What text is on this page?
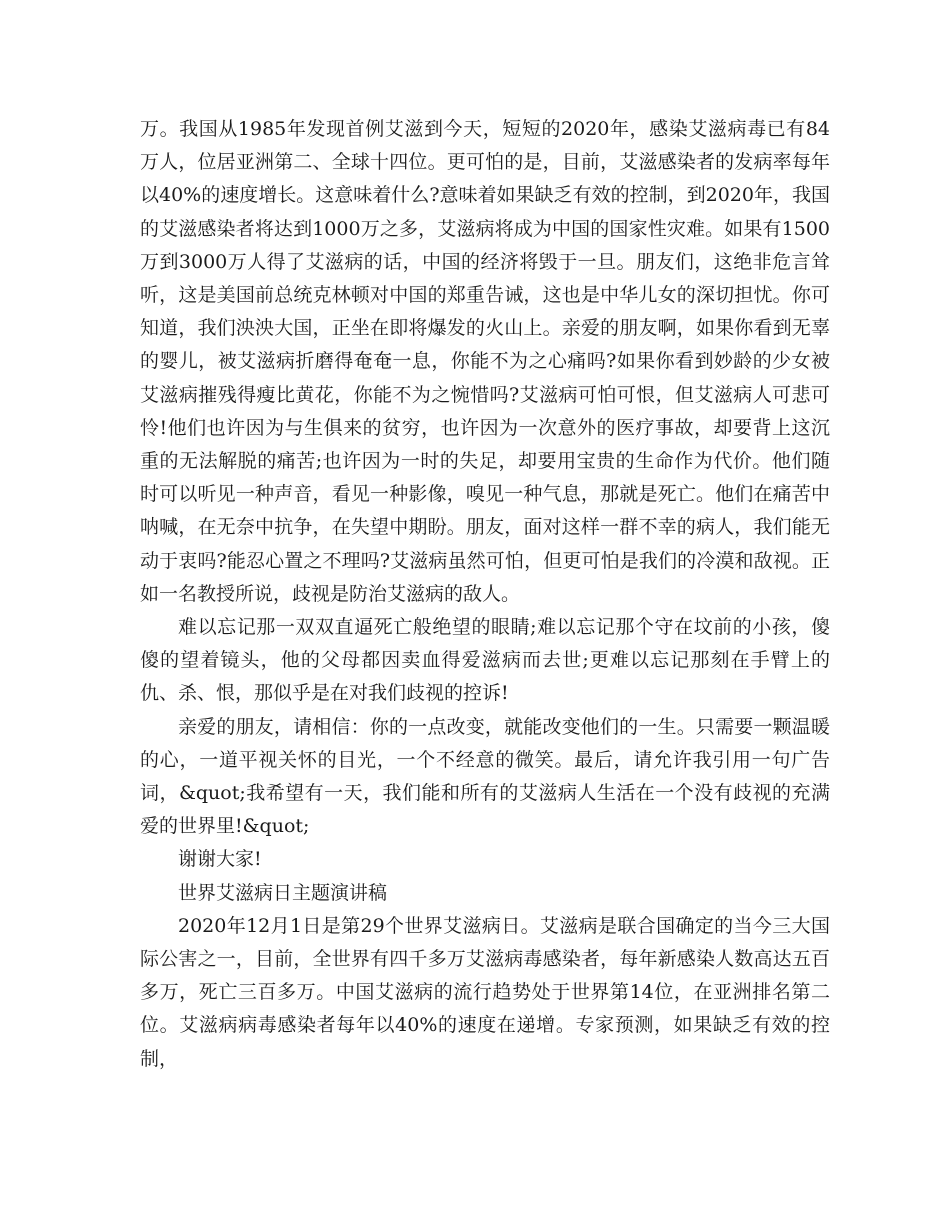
万。我国从1985年发现首例艾滋到今天，短短的2020年，感染艾滋病毒已有84万人，位居亚洲第二、全球十四位。更可怕的是，目前，艾滋感染者的发病率每年以40%的速度增长。这意味着什么?意味着如果缺乏有效的控制，到2020年，我国的艾滋感染者将达到1000万之多，艾滋病将成为中国的国家性灾难。如果有1500万到3000万人得了艾滋病的话，中国的经济将毁于一旦。朋友们，这绝非危言耸听，这是美国前总统克林顿对中国的郑重告诫，这也是中华儿女的深切担忧。你可知道，我们泱泱大国，正坐在即将爆发的火山上。亲爱的朋友啊，如果你看到无辜的婴儿，被艾滋病折磨得奄奄一息，你能不为之心痛吗?如果你看到妙龄的少女被艾滋病摧残得瘦比黄花，你能不为之惋惜吗?艾滋病可怕可恨，但艾滋病人可悲可怜!他们也许因为与生俱来的贫穷，也许因为一次意外的医疗事故，却要背上这沉重的无法解脱的痛苦;也许因为一时的失足，却要用宝贵的生命作为代价。他们随时可以听见一种声音，看见一种影像，嗅见一种气息，那就是死亡。他们在痛苦中呐喊，在无奈中抗争，在失望中期盼。朋友，面对这样一群不幸的病人，我们能无动于衷吗?能忍心置之不理吗?艾滋病虽然可怕，但更可怕是我们的冷漠和敌视。正如一名教授所说，歧视是防治艾滋病的敌人。

难以忘记那一双双直逼死亡般绝望的眼睛;难以忘记那个守在坟前的小孩，傻傻的望着镜头，他的父母都因卖血得爱滋病而去世;更难以忘记那刻在手臂上的仇、杀、恨，那似乎是在对我们歧视的控诉!

亲爱的朋友，请相信：你的一点改变，就能改变他们的一生。只需要一颗温暖的心，一道平视关怀的目光，一个不经意的微笑。最后，请允许我引用一句广告词，&quot;我希望有一天，我们能和所有的艾滋病人生活在一个没有歧视的充满爱的世界里!&quot;

谢谢大家!

世界艾滋病日主题演讲稿

2020年12月1日是第29个世界艾滋病日。艾滋病是联合国确定的当今三大国际公害之一，目前，全世界有四千多万艾滋病毒感染者，每年新感染人数高达五百多万，死亡三百多万。中国艾滋病的流行趋势处于世界第14位，在亚洲排名第二位。艾滋病病毒感染者每年以40%的速度在递增。专家预测，如果缺乏有效的控制，
